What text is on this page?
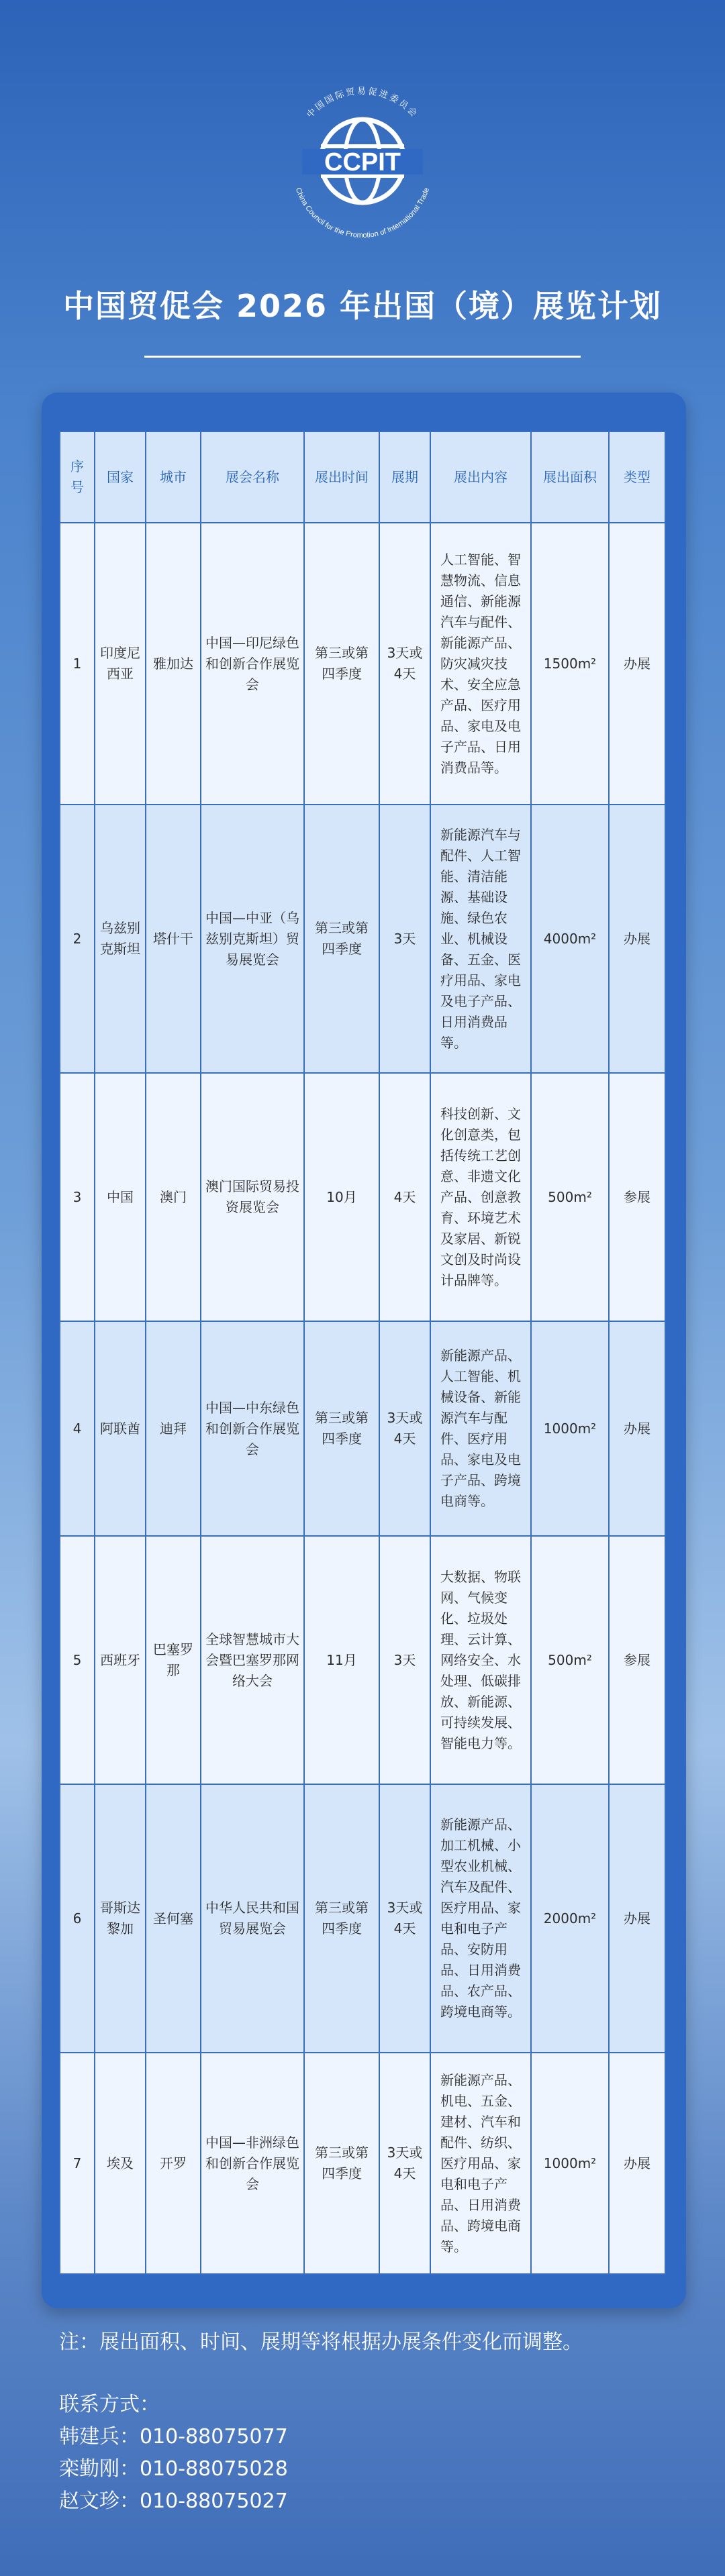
CCPIT
中国国际贸易促进委员会
China Council for the Promotion of International Trade
中国贸促会 2026 年出国（境）展览计划
序号	国家	城市	展会名称	展出时间	展期	展出内容	展出面积	类型
1	印度尼西亚	雅加达	中国—印尼绿色和创新合作展览会	第三或第四季度	3天或4天	人工智能、智慧物流、信息通信、新能源汽车与配件、新能源产品、防灾减灾技术、安全应急产品、医疗用品、家电及电子产品、日用消费品等。	1500m²	办展
2	乌兹别克斯坦	塔什干	中国—中亚（乌兹别克斯坦）贸易展览会	第三或第四季度	3天	新能源汽车与配件、人工智能、清洁能源、基础设施、绿色农业、机械设备、五金、医疗用品、家电及电子产品、日用消费品等。	4000m²	办展
3	中国	澳门	澳门国际贸易投资展览会	10月	4天	科技创新、文化创意类，包括传统工艺创意、非遗文化产品、创意教育、环境艺术及家居、新锐文创及时尚设计品牌等。	500m²	参展
4	阿联酋	迪拜	中国—中东绿色和创新合作展览会	第三或第四季度	3天或4天	新能源产品、人工智能、机械设备、新能源汽车与配件、医疗用品、家电及电子产品、跨境电商等。	1000m²	办展
5	西班牙	巴塞罗那	全球智慧城市大会暨巴塞罗那网络大会	11月	3天	大数据、物联网、气候变化、垃圾处理、云计算、网络安全、水处理、低碳排放、新能源、可持续发展、智能电力等。	500m²	参展
6	哥斯达黎加	圣何塞	中华人民共和国贸易展览会	第三或第四季度	3天或4天	新能源产品、加工机械、小型农业机械、汽车及配件、医疗用品、家电和电子产品、安防用品、日用消费品、农产品、跨境电商等。	2000m²	办展
7	埃及	开罗	中国—非洲绿色和创新合作展览会	第三或第四季度	3天或4天	新能源产品、机电、五金、建材、汽车和配件、纺织、医疗用品、家电和电子产品、日用消费品、跨境电商等。	1000m²	办展
注：展出面积、时间、展期等将根据办展条件变化而调整。
联系方式：
韩建兵：010-88075077
栾勤刚：010-88075028
赵文珍：010-88075027
